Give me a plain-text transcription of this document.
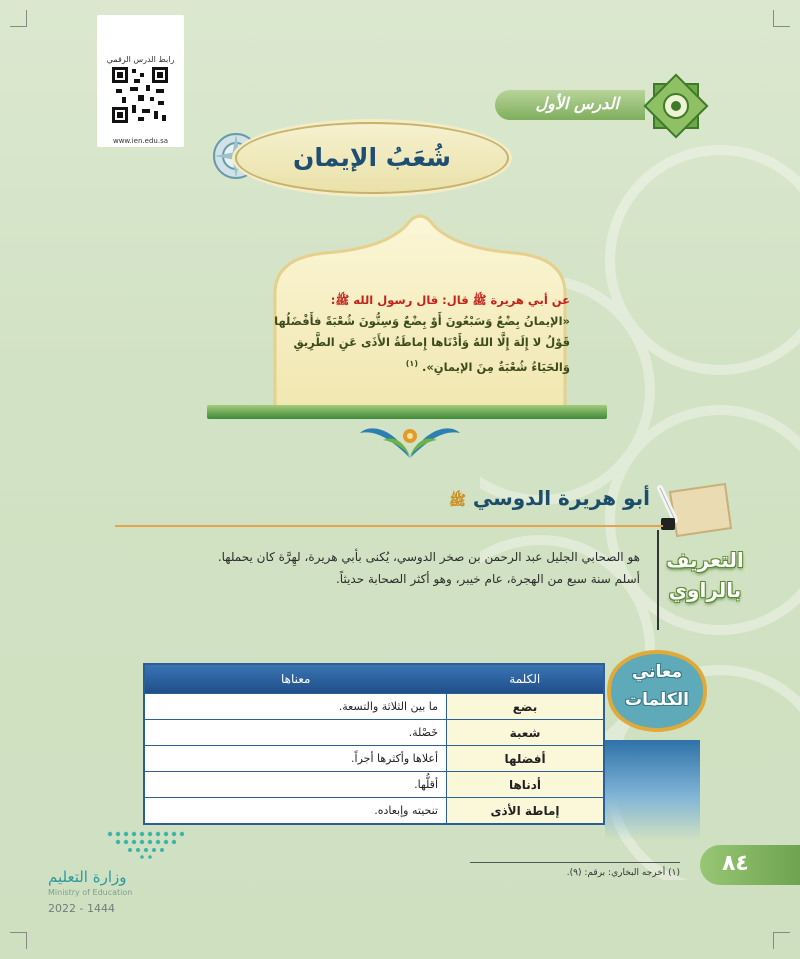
رابط الدرس الرقمي
www.ien.edu.sa
الدرس الأول
شُعَبُ الإيمان
عن أبي هريرة ﷺ قال: قال رسول الله ﷺ:
«الإيمانُ بِضْعٌ وَسَبْعُونَ أَوْ بِضْعٌ وَسِتُّونَ شُعْبَةً فأَفْضَلُها قَوْلُ لا إِلَهَ إِلَّا اللهُ وَأَدْنَاها إِماطَةُ الأَذَى عَنِ الطَّرِيقِ وَالحَيَاءُ شُعْبَةٌ مِنَ الإيمانِ». $^{(١)}$
أبو هريرة الدوسي ﷺ
التعريف
بالراوي
هو الصحابي الجليل عبد الرحمن بن صخر الدوسي، يُكنى بأبي هريرة، لهِرَّة كان يحملها. أسلم سنة سبع من الهجرة، عام خيبر، وهو أكثر الصحابة حديثاً.
معاني
الكلمات
الكلمة	معناها
بضع	ما بين الثلاثة والتسعة.
شعبة	خَصْلة.
أفضلها	أعلاها وأكثرها أجراً.
أدناها	أقلُّها.
إماطة الأذى	تنحيته وإبعاده.
وزارة التعليم
Ministry of Education
2022 - 1444
(١) أخرجه البخاري: برقم: (٩). ٨٤
